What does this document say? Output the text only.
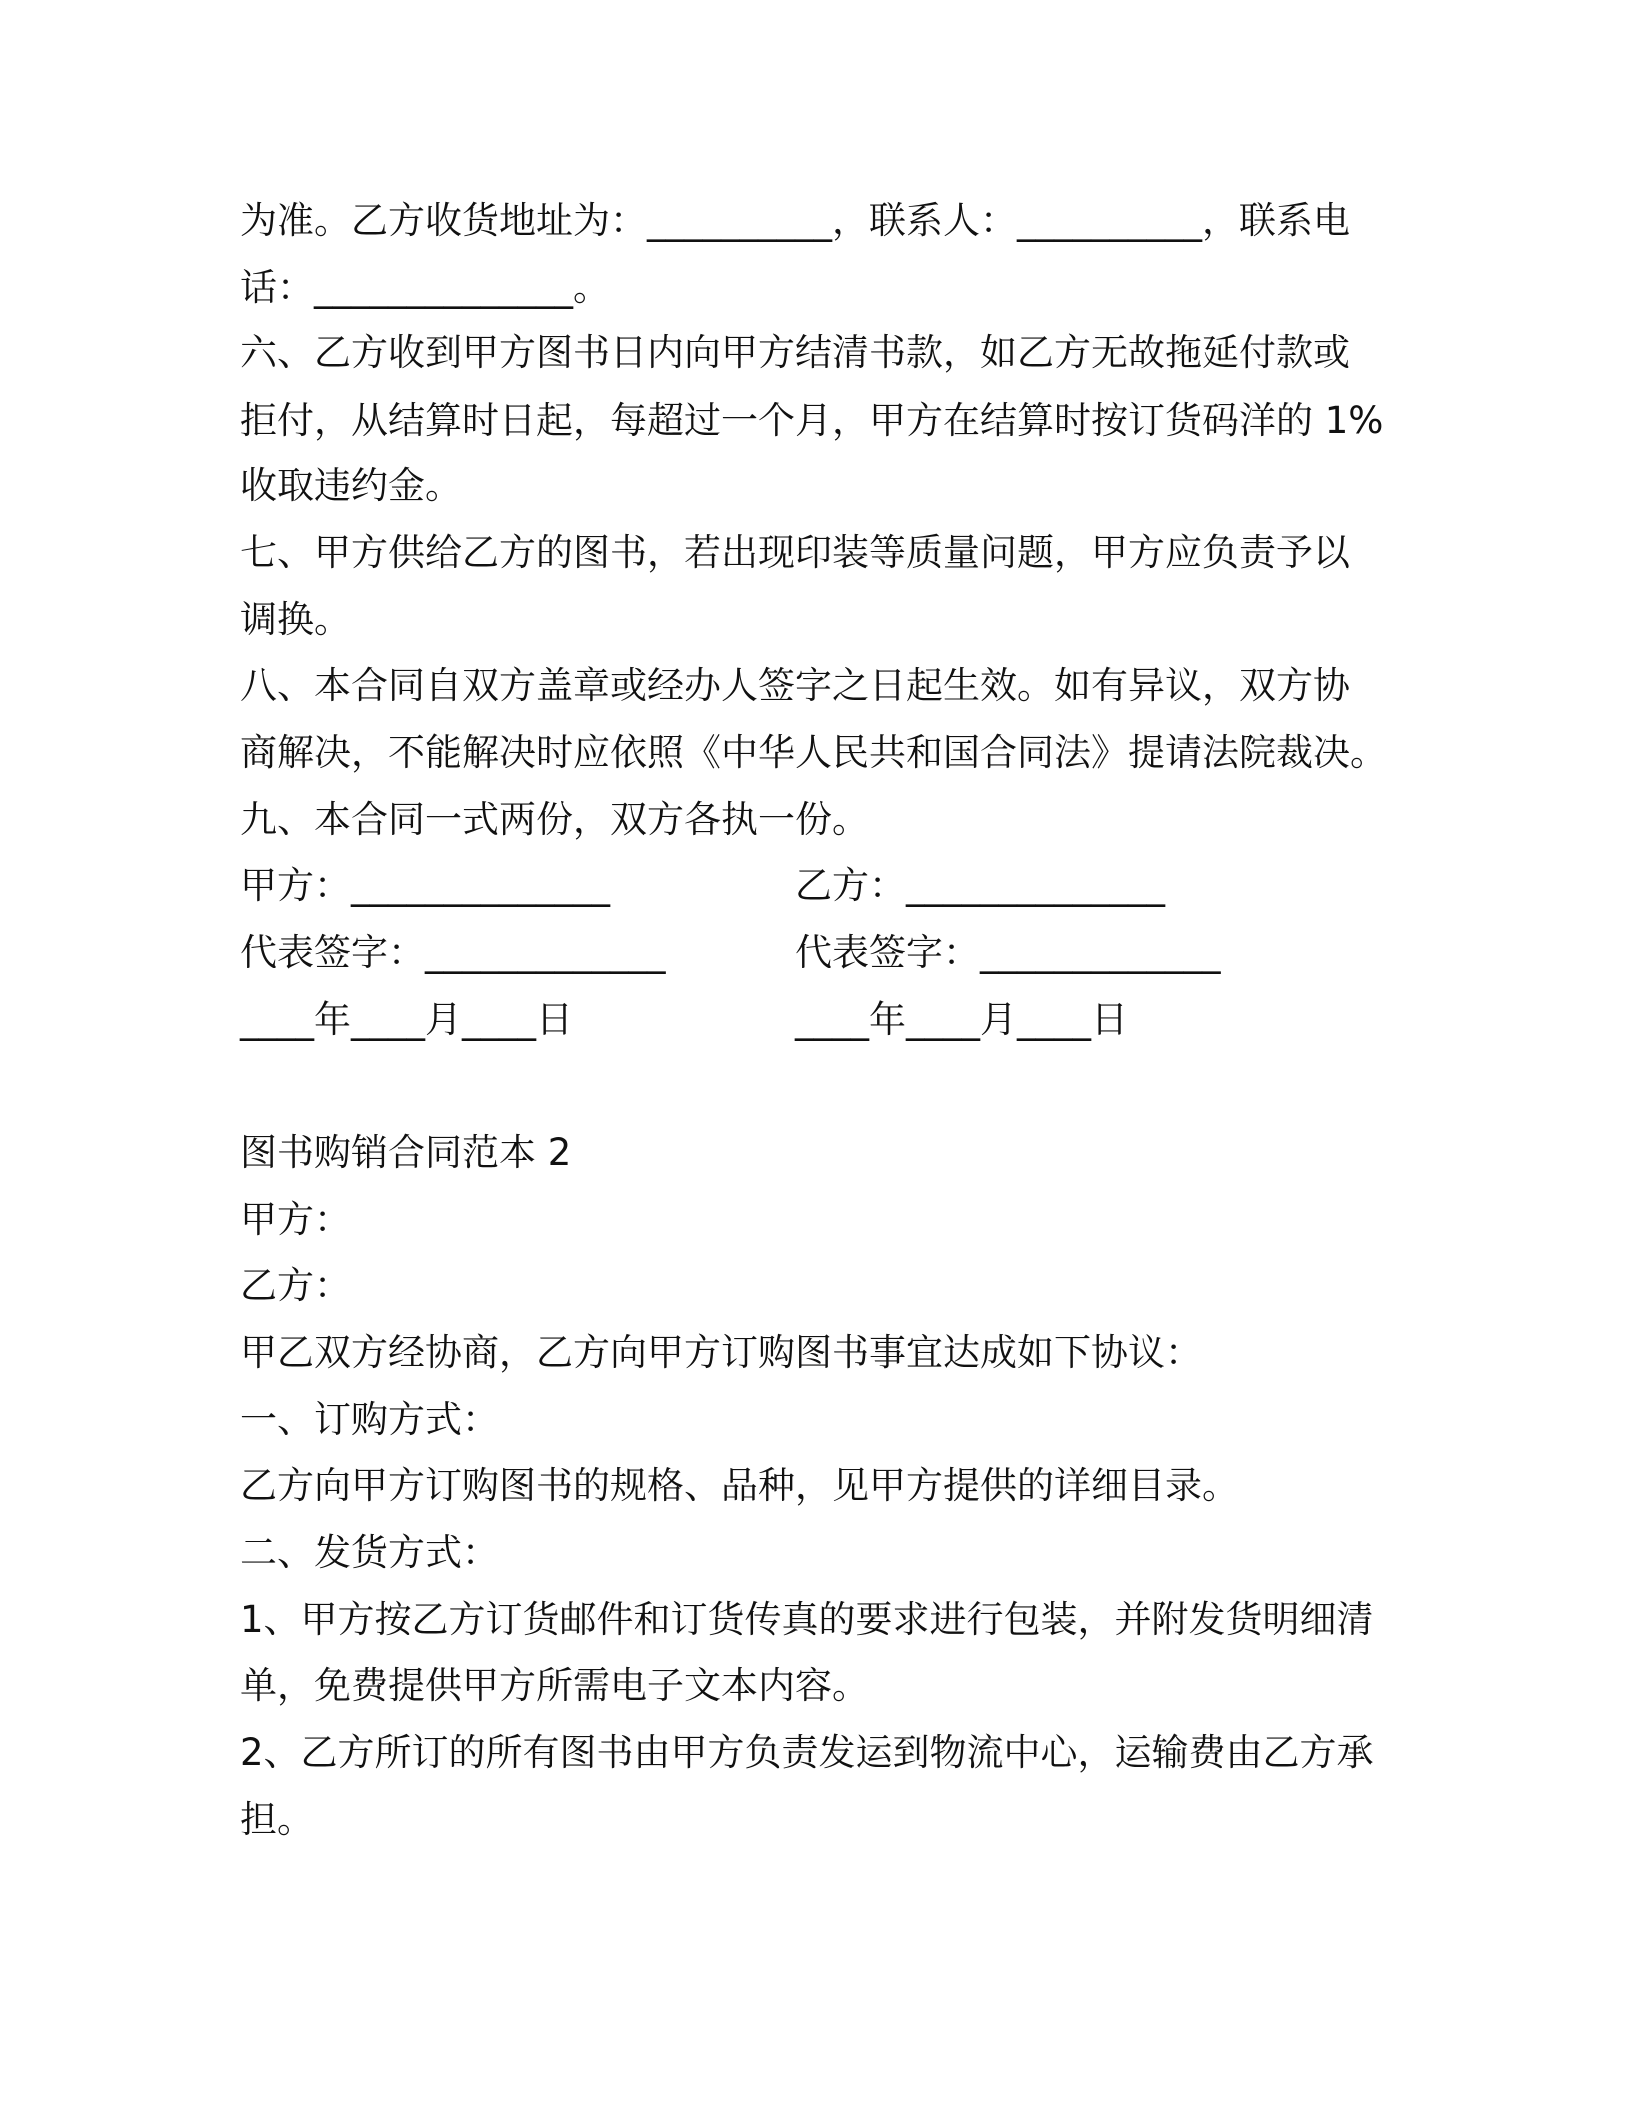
为准。乙方收货地址为：__________，联系人：__________，联系电

话：______________。

六、乙方收到甲方图书日内向甲方结清书款，如乙方无故拖延付款或

拒付，从结算时日起，每超过一个月，甲方在结算时按订货码洋的 1%

收取违约金。

七、甲方供给乙方的图书，若出现印装等质量问题，甲方应负责予以

调换。

八、本合同自双方盖章或经办人签字之日起生效。如有异议，双方协

商解决，不能解决时应依照《中华人民共和国合同法》提请法院裁决。

九、本合同一式两份，双方各执一份。

甲方：______________	乙方：______________

代表签字：_____________	代表签字：_____________

____年____月____日	____年____月____日

图书购销合同范本 2

甲方：

乙方：

甲乙双方经协商，乙方向甲方订购图书事宜达成如下协议：

一、订购方式：

乙方向甲方订购图书的规格、品种，见甲方提供的详细目录。

二、发货方式：

1、甲方按乙方订货邮件和订货传真的要求进行包装，并附发货明细清

单，免费提供甲方所需电子文本内容。

2、乙方所订的所有图书由甲方负责发运到物流中心，运输费由乙方承

担。
